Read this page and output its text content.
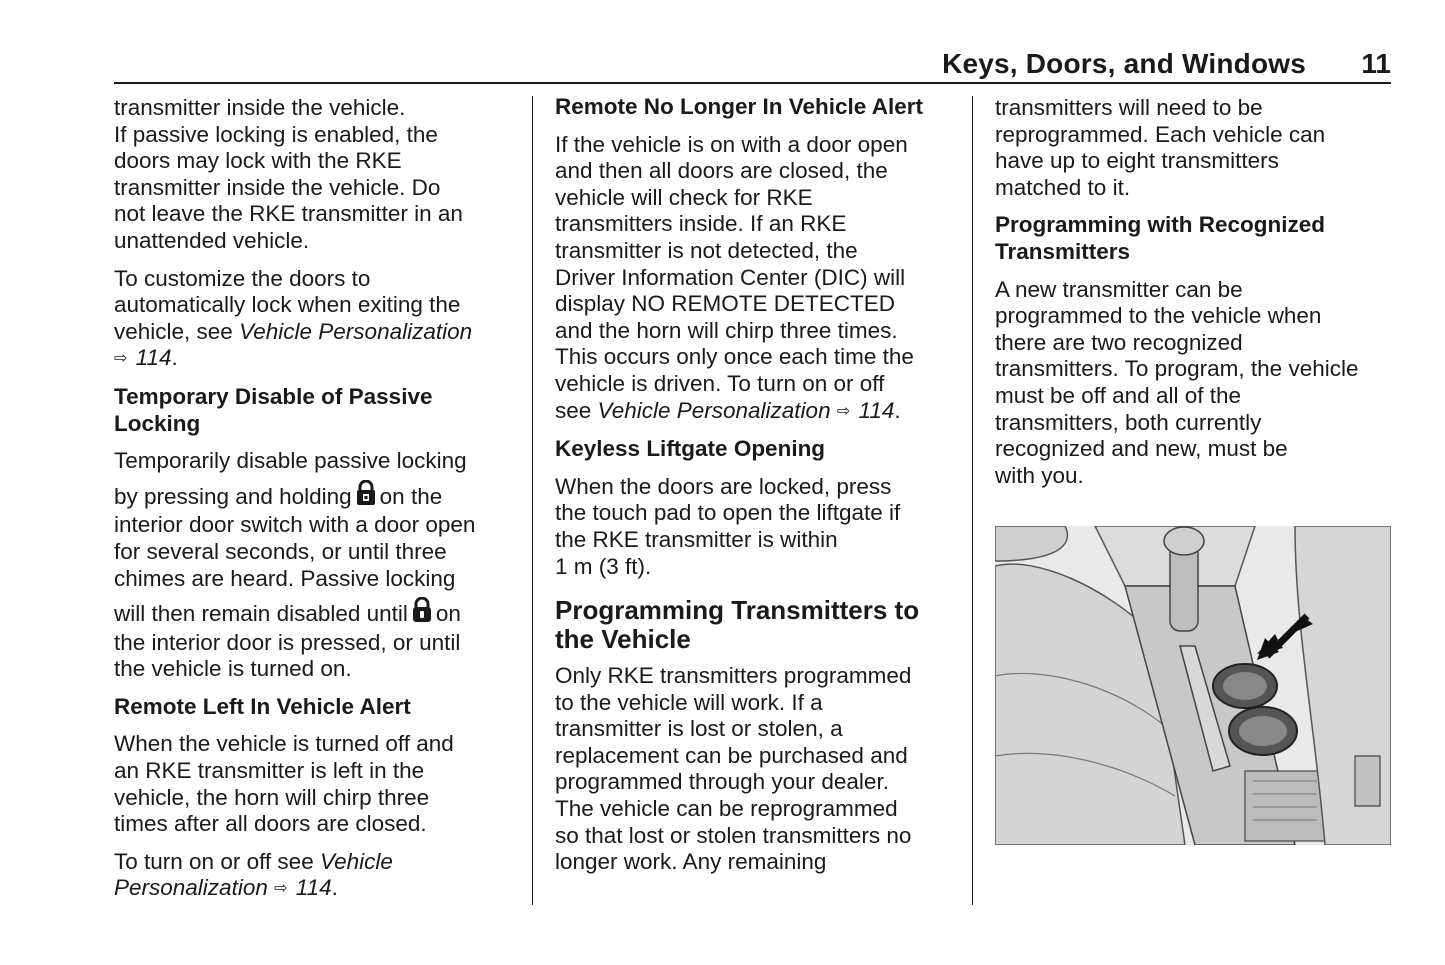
Keys, Doors, and Windows 11

transmitter inside the vehicle.
If passive locking is enabled, the
doors may lock with the RKE
transmitter inside the vehicle. Do
not leave the RKE transmitter in an
unattended vehicle.

To customize the doors to
automatically lock when exiting the
vehicle, see Vehicle Personalization
⇨ 114.

Temporary Disable of Passive
Locking

Temporarily disable passive locking
by pressing and holding on the
interior door switch with a door open
for several seconds, or until three
chimes are heard. Passive locking
will then remain disabled until on
the interior door is pressed, or until
the vehicle is turned on.

Remote Left In Vehicle Alert

When the vehicle is turned off and
an RKE transmitter is left in the
vehicle, the horn will chirp three
times after all doors are closed.

To turn on or off see Vehicle
Personalization ⇨ 114.

Remote No Longer In Vehicle Alert

If the vehicle is on with a door open
and then all doors are closed, the
vehicle will check for RKE
transmitters inside. If an RKE
transmitter is not detected, the
Driver Information Center (DIC) will
display NO REMOTE DETECTED
and the horn will chirp three times.
This occurs only once each time the
vehicle is driven. To turn on or off
see Vehicle Personalization ⇨ 114.

Keyless Liftgate Opening

When the doors are locked, press
the touch pad to open the liftgate if
the RKE transmitter is within
1 m (3 ft).

Programming Transmitters to
the Vehicle

Only RKE transmitters programmed
to the vehicle will work. If a
transmitter is lost or stolen, a
replacement can be purchased and
programmed through your dealer.
The vehicle can be reprogrammed
so that lost or stolen transmitters no
longer work. Any remaining

transmitters will need to be
reprogrammed. Each vehicle can
have up to eight transmitters
matched to it.

Programming with Recognized
Transmitters

A new transmitter can be
programmed to the vehicle when
there are two recognized
transmitters. To program, the vehicle
must be off and all of the
transmitters, both currently
recognized and new, must be
with you.
